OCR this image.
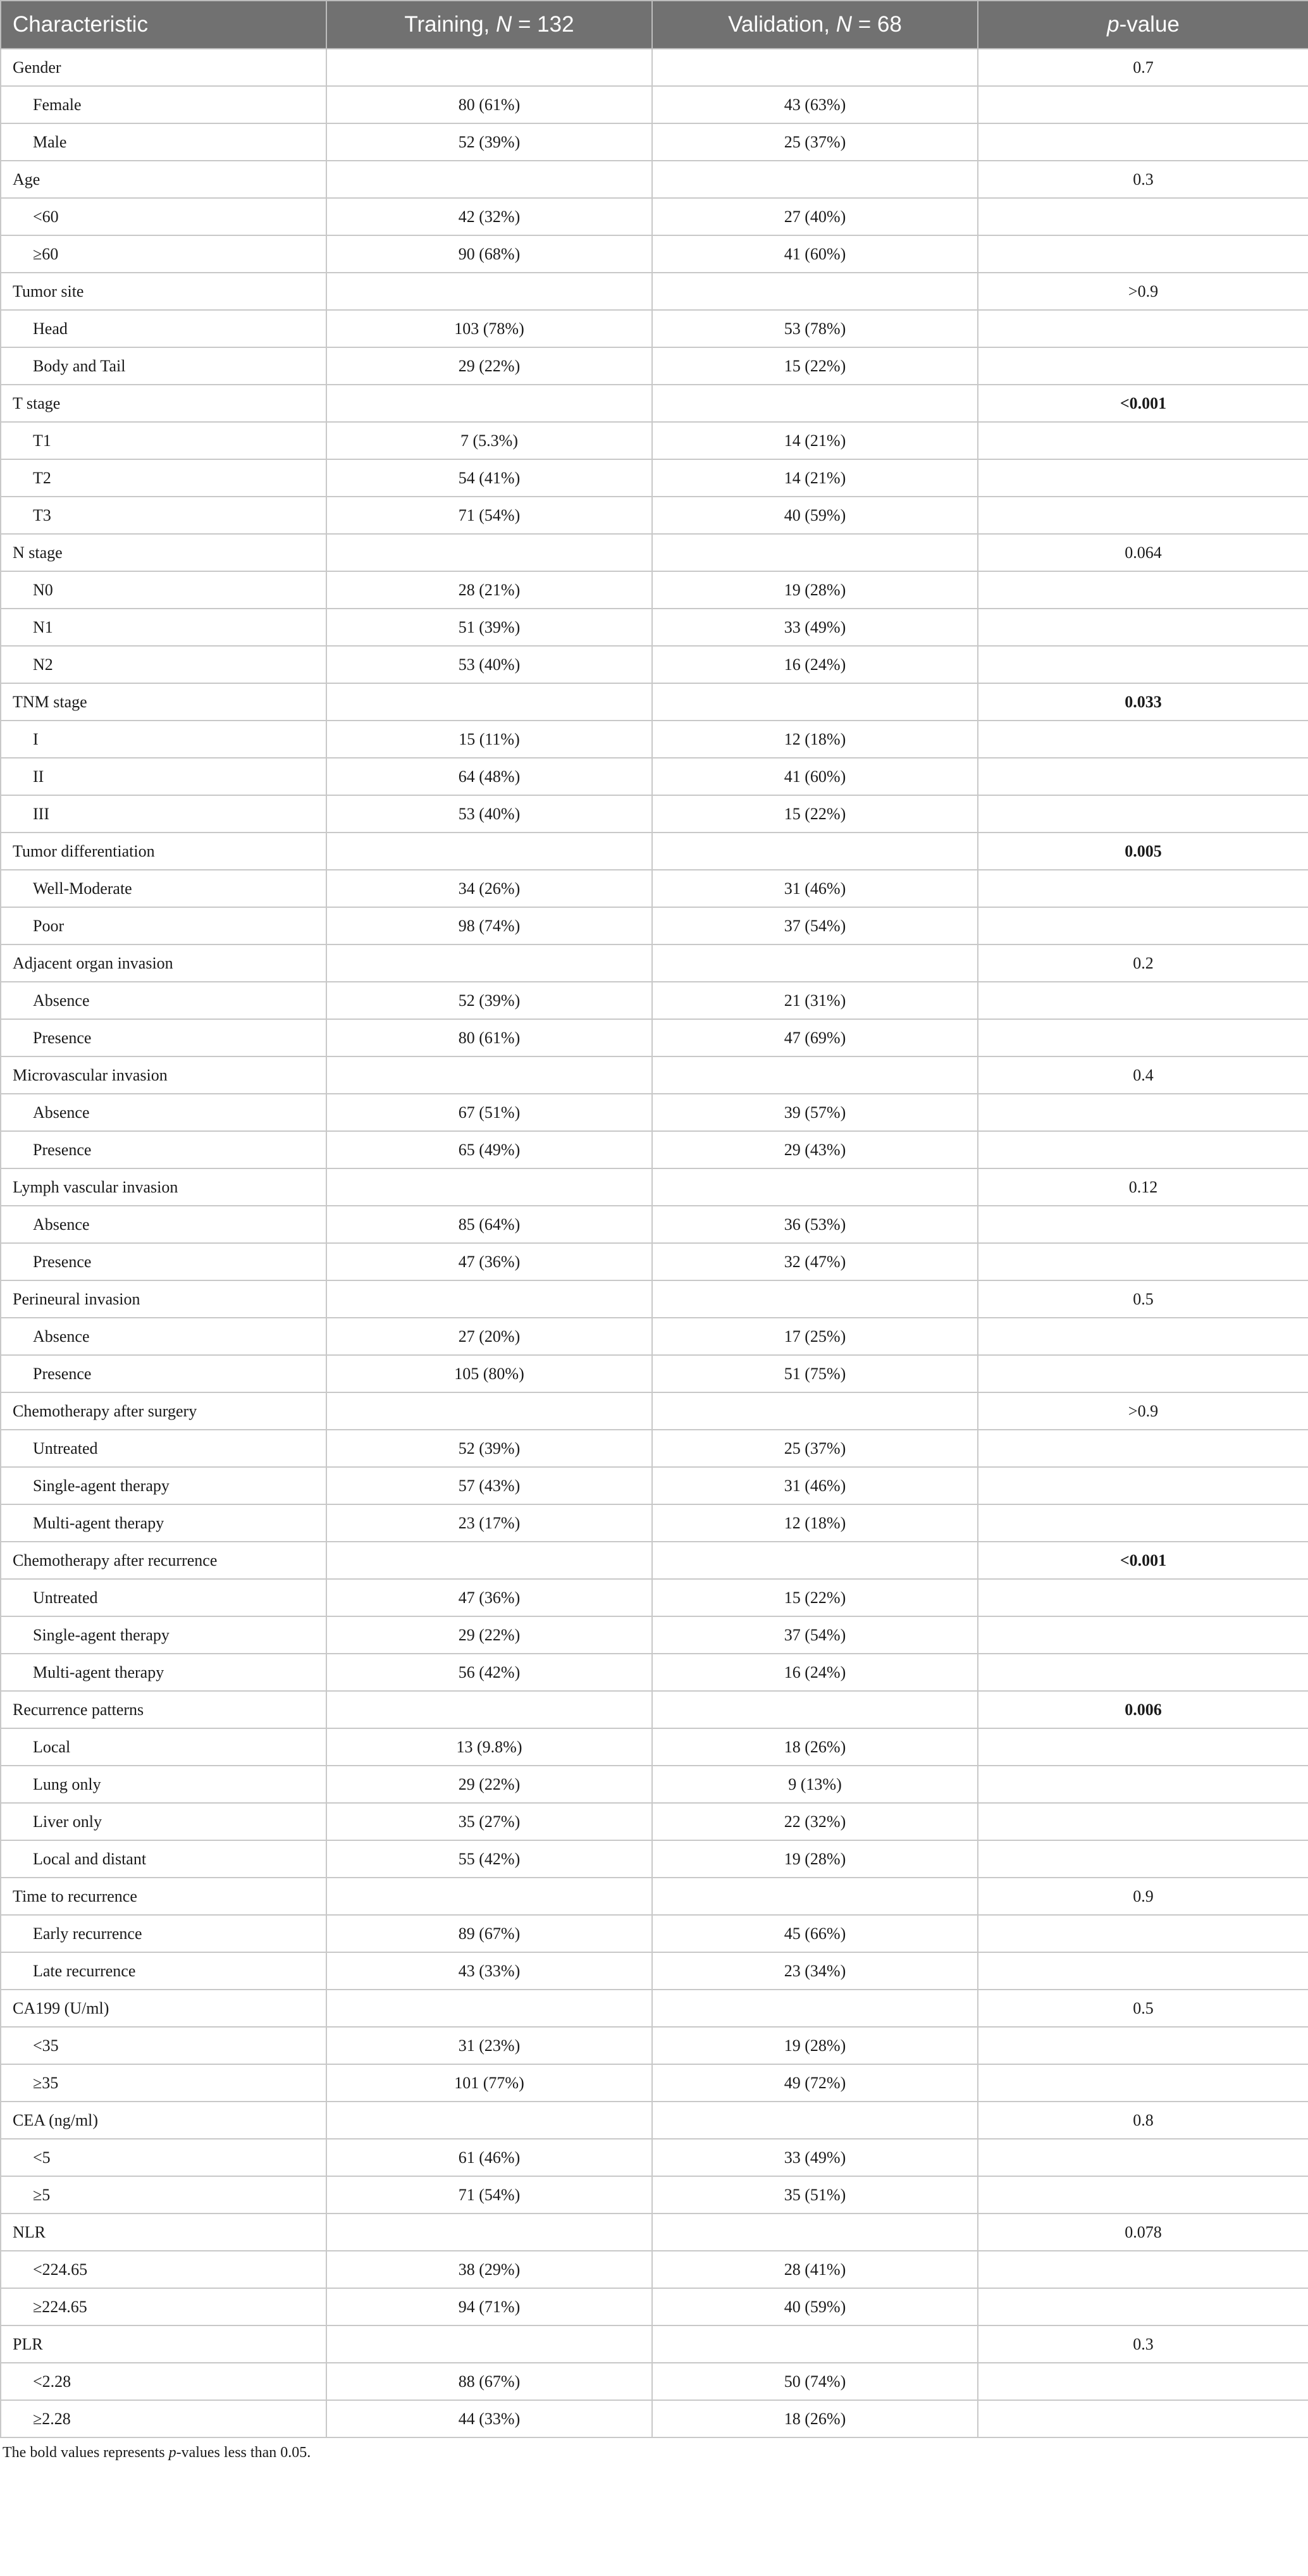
Characteristic	Training, N = 132	Validation, N = 68	p-value
Gender			0.7
Female	80 (61%)	43 (63%)	
Male	52 (39%)	25 (37%)	
Age			0.3
<60	42 (32%)	27 (40%)	
≥60	90 (68%)	41 (60%)	
Tumor site			>0.9
Head	103 (78%)	53 (78%)	
Body and Tail	29 (22%)	15 (22%)	
T stage			<0.001
T1	7 (5.3%)	14 (21%)	
T2	54 (41%)	14 (21%)	
T3	71 (54%)	40 (59%)	
N stage			0.064
N0	28 (21%)	19 (28%)	
N1	51 (39%)	33 (49%)	
N2	53 (40%)	16 (24%)	
TNM stage			0.033
I	15 (11%)	12 (18%)	
II	64 (48%)	41 (60%)	
III	53 (40%)	15 (22%)	
Tumor differentiation			0.005
Well-Moderate	34 (26%)	31 (46%)	
Poor	98 (74%)	37 (54%)	
Adjacent organ invasion			0.2
Absence	52 (39%)	21 (31%)	
Presence	80 (61%)	47 (69%)	
Microvascular invasion			0.4
Absence	67 (51%)	39 (57%)	
Presence	65 (49%)	29 (43%)	
Lymph vascular invasion			0.12
Absence	85 (64%)	36 (53%)	
Presence	47 (36%)	32 (47%)	
Perineural invasion			0.5
Absence	27 (20%)	17 (25%)	
Presence	105 (80%)	51 (75%)	
Chemotherapy after surgery			>0.9
Untreated	52 (39%)	25 (37%)	
Single-agent therapy	57 (43%)	31 (46%)	
Multi-agent therapy	23 (17%)	12 (18%)	
Chemotherapy after recurrence			<0.001
Untreated	47 (36%)	15 (22%)	
Single-agent therapy	29 (22%)	37 (54%)	
Multi-agent therapy	56 (42%)	16 (24%)	
Recurrence patterns			0.006
Local	13 (9.8%)	18 (26%)	
Lung only	29 (22%)	9 (13%)	
Liver only	35 (27%)	22 (32%)	
Local and distant	55 (42%)	19 (28%)	
Time to recurrence			0.9
Early recurrence	89 (67%)	45 (66%)	
Late recurrence	43 (33%)	23 (34%)	
CA199 (U/ml)			0.5
<35	31 (23%)	19 (28%)	
≥35	101 (77%)	49 (72%)	
CEA (ng/ml)			0.8
<5	61 (46%)	33 (49%)	
≥5	71 (54%)	35 (51%)	
NLR			0.078
<224.65	38 (29%)	28 (41%)	
≥224.65	94 (71%)	40 (59%)	
PLR			0.3
<2.28	88 (67%)	50 (74%)	
≥2.28	44 (33%)	18 (26%)	
The bold values represents p-values less than 0.05.
